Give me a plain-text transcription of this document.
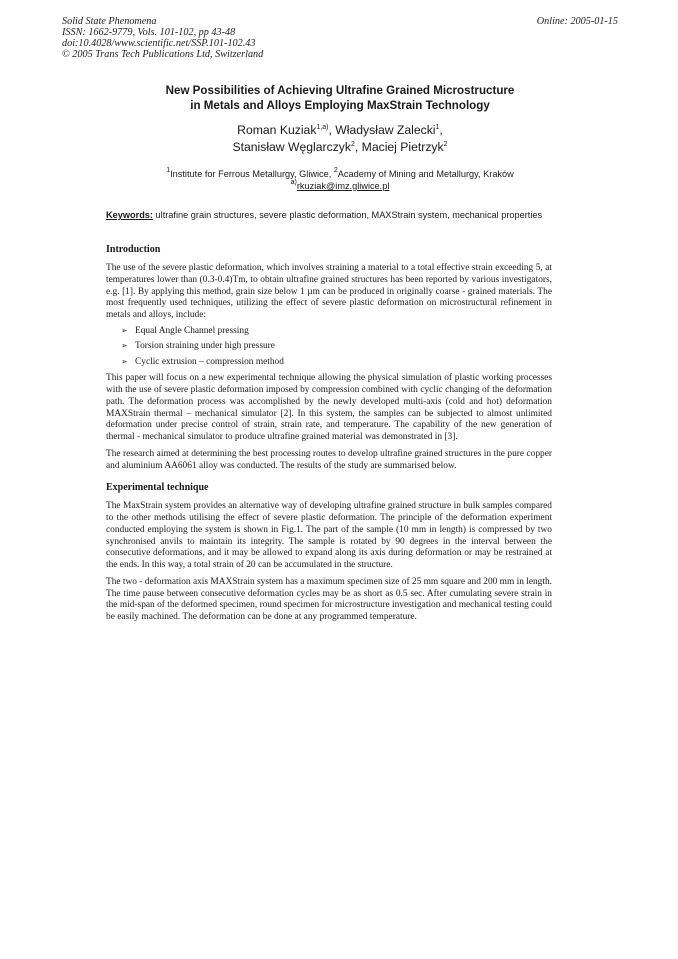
Solid State Phenomena
ISSN: 1662-9779, Vols. 101-102, pp 43-48
doi:10.4028/www.scientific.net/SSP.101-102.43
© 2005 Trans Tech Publications Ltd, Switzerland
Online: 2005-01-15
New Possibilities of Achieving Ultrafine Grained Microstructure
in Metals and Alloys Employing MaxStrain Technology
Roman Kuziak$^{1,a)}$, Władysław Zalecki$^1$,
Stanisław Węglarczyk$^2$, Maciej Pietrzyk$^2$
$^1$Institute for Ferrous Metallurgy, Gliwice, $^2$Academy of Mining and Metallurgy, Kraków
$^{a)}$rkuziak@imz.gliwice.pl
Keywords: ultrafine grain structures, severe plastic deformation, MAXStrain system, mechanical properties
Introduction

The use of the severe plastic deformation, which involves straining a material to a total effective strain exceeding 5, at temperatures lower than (0.3-0.4)Tm, to obtain ultrafine grained structures has been reported by various investigators, e.g. [1]. By applying this method, grain size below 1 µm can be produced in originally coarse - grained materials. The most frequently used techniques, utilizing the effect of severe plastic deformation on microstructural refinement in metals and alloys, include:

➢ Equal Angle Channel pressing
➢ Torsion straining under high pressure
➢ Cyclic extrusion – compression method

This paper will focus on a new experimental technique allowing the physical simulation of plastic working processes with the use of severe plastic deformation imposed by compression combined with cyclic changing of the deformation path. The deformation process was accomplished by the newly developed multi-axis (cold and hot) deformation MAXStrain thermal – mechanical simulator [2]. In this system, the samples can be subjected to almost unlimited deformation under precise control of strain, strain rate, and temperature. The capability of the new generation of thermal - mechanical simulator to produce ultrafine grained material was demonstrated in [3].

The research aimed at determining the best processing routes to develop ultrafine grained structures in the pure copper and aluminium AA6061 alloy was conducted. The results of the study are summarised below.

Experimental technique

The MaxStrain system provides an alternative way of developing ultrafine grained structure in bulk samples compared to the other methods utilising the effect of severe plastic deformation. The principle of the deformation experiment conducted employing the system is shown in Fig.1. The part of the sample (10 mm in length) is compressed by two synchronised anvils to maintain its integrity. The sample is rotated by 90 degrees in the interval between the consecutive deformations, and it may be allowed to expand along its axis during deformation or may be restrained at the ends. In this way, a total strain of 20 can be accumulated in the structure.

The two - deformation axis MAXStrain system has a maximum specimen size of 25 mm square and 200 mm in length. The time pause between consecutive deformation cycles may be as short as 0.5 sec. After cumulating severe strain in the mid-span of the deformed specimen, round specimen for microstructure investigation and mechanical testing could be easily machined. The deformation can be done at any programmed temperature.
